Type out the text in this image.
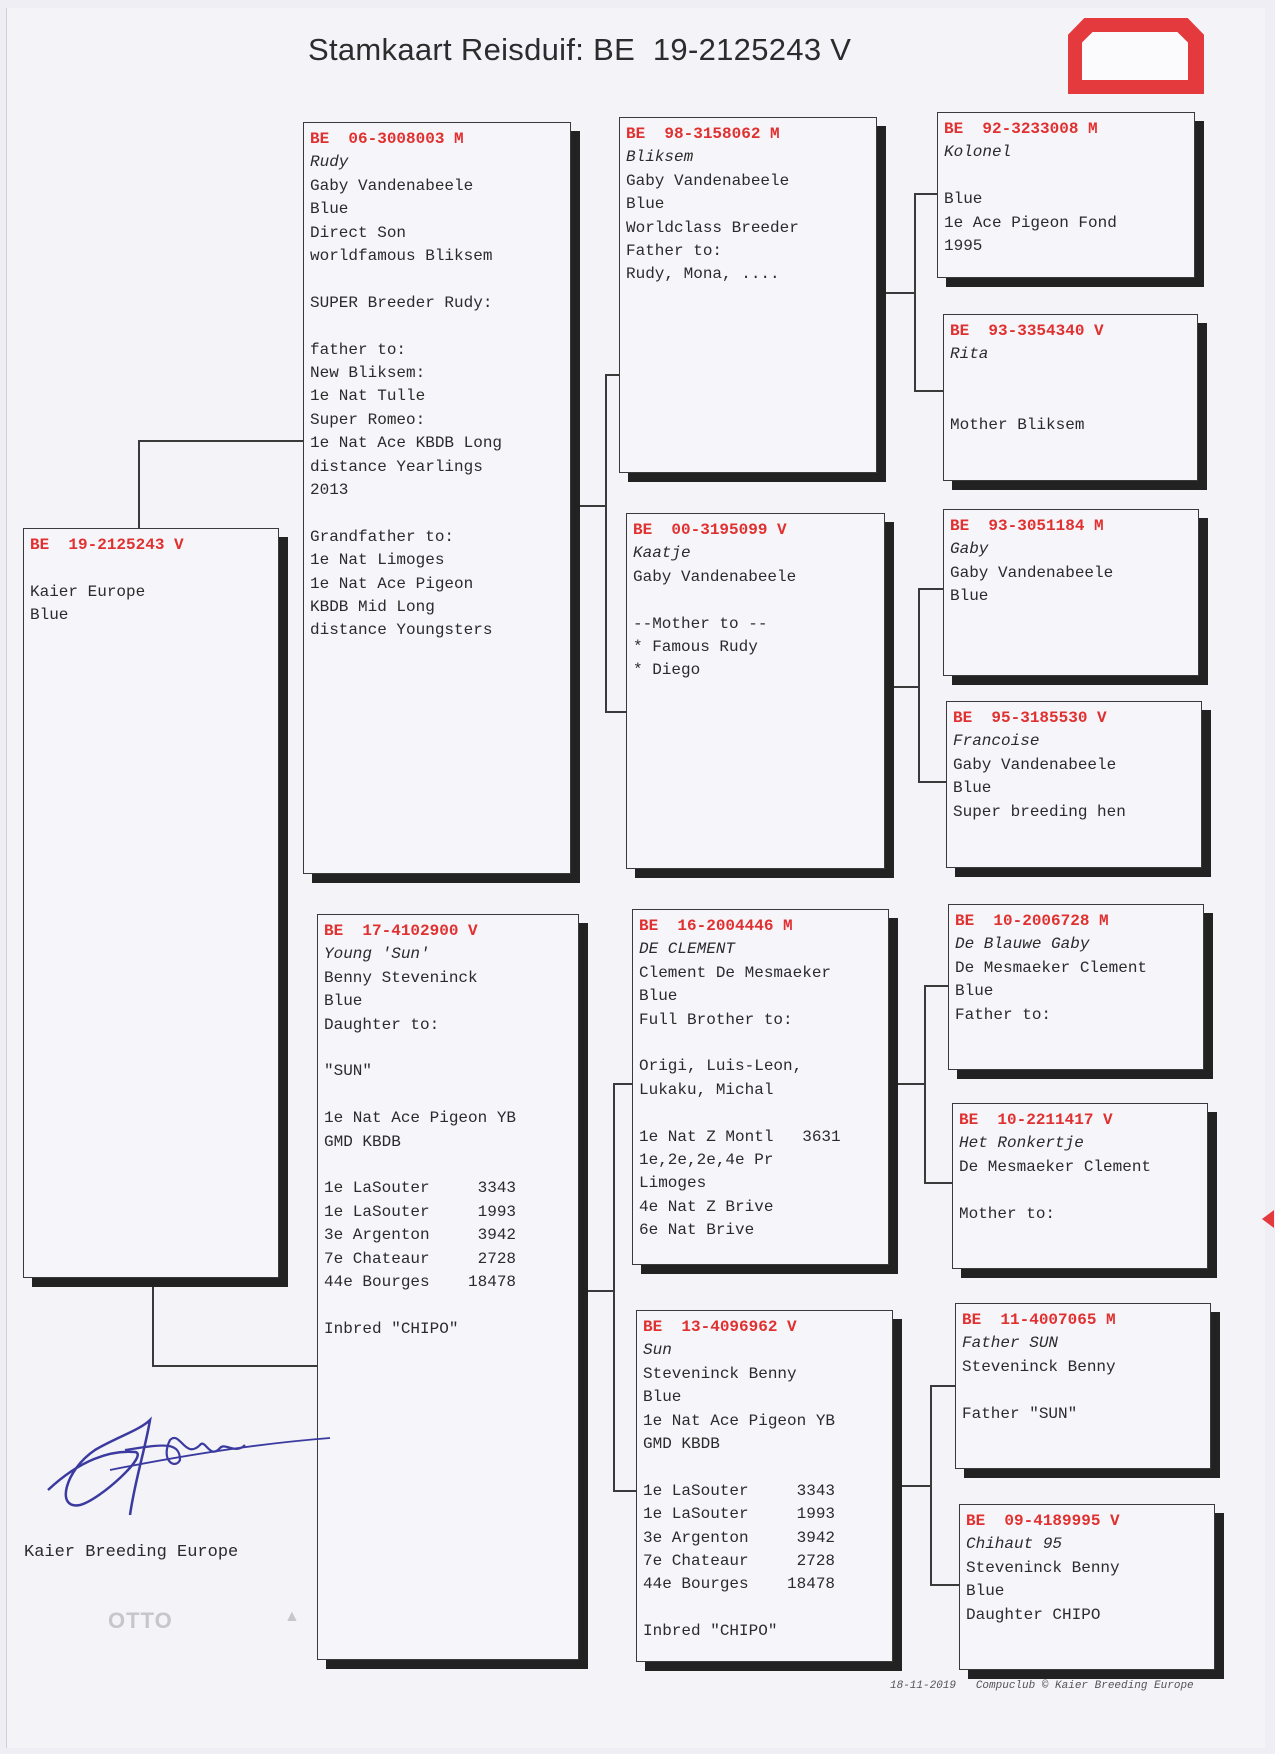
Stamkaart Reisduif: BE  19-2125243 V
BE  19-2125243 V
Kaier Europe
Blue
BE  06-3008003 M
Rudy
Gaby Vandenabeele
Blue
Direct Son
worldfamous Bliksem
SUPER Breeder Rudy:
father to:
New Bliksem:
1e Nat Tulle
Super Romeo:
1e Nat Ace KBDB Long
distance Yearlings
2013
Grandfather to:
1e Nat Limoges
1e Nat Ace Pigeon
KBDB Mid Long
distance Youngsters
BE  17-4102900 V
Young 'Sun'
Benny Steveninck
Blue
Daughter to:
"SUN"
1e Nat Ace Pigeon YB
GMD KBDB
1e LaSouter     3343
1e LaSouter     1993
3e Argenton     3942
7e Chateaur     2728
44e Bourges    18478
Inbred "CHIPO"
BE  98-3158062 M
Bliksem
Gaby Vandenabeele
Blue
Worldclass Breeder
Father to:
Rudy, Mona, ....
BE  00-3195099 V
Kaatje
Gaby Vandenabeele
--Mother to --
* Famous Rudy
* Diego
BE  16-2004446 M
DE CLEMENT
Clement De Mesmaeker
Blue
Full Brother to:
Origi, Luis-Leon,
Lukaku, Michal
1e Nat Z Montl   3631
1e,2e,2e,4e Pr
Limoges
4e Nat Z Brive
6e Nat Brive
BE  13-4096962 V
Sun
Steveninck Benny
Blue
1e Nat Ace Pigeon YB
GMD KBDB
1e LaSouter     3343
1e LaSouter     1993
3e Argenton     3942
7e Chateaur     2728
44e Bourges    18478
Inbred "CHIPO"
BE  92-3233008 M
Kolonel
Blue
1e Ace Pigeon Fond
1995
BE  93-3354340 V
Rita
Mother Bliksem
BE  93-3051184 M
Gaby
Gaby Vandenabeele
Blue
BE  95-3185530 V
Francoise
Gaby Vandenabeele
Blue
Super breeding hen
BE  10-2006728 M
De Blauwe Gaby
De Mesmaeker Clement
Blue
Father to:
BE  10-2211417 V
Het Ronkertje
De Mesmaeker Clement
Mother to:
BE  11-4007065 M
Father SUN
Steveninck Benny
Father "SUN"
BE  09-4189995 V
Chihaut 95
Steveninck Benny
Blue
Daughter CHIPO
Kaier Breeding Europe
OTTO	▲
18-11-2019   Compuclub © Kaier Breeding Europe
